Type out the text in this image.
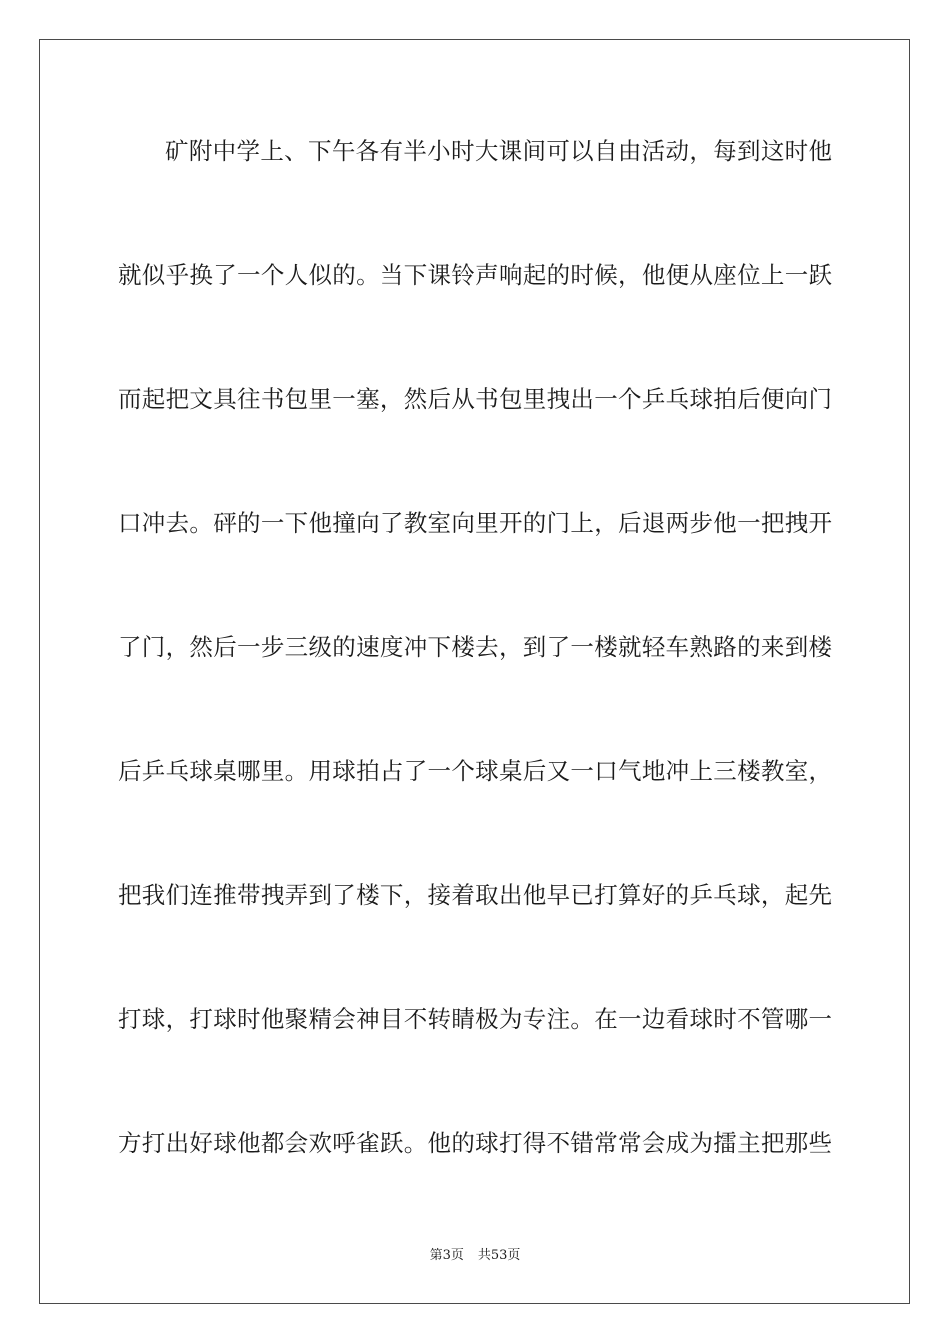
矿附中学上、下午各有半小时大课间可以自由活动，每到这时他
就似乎换了一个人似的。当下课铃声响起的时候，他便从座位上一跃
而起把文具往书包里一塞，然后从书包里拽出一个乒乓球拍后便向门
口冲去。砰的一下他撞向了教室向里开的门上，后退两步他一把拽开
了门，然后一步三级的速度冲下楼去，到了一楼就轻车熟路的来到楼
后乒乓球桌哪里。用球拍占了一个球桌后又一口气地冲上三楼教室，
把我们连推带拽弄到了楼下，接着取出他早已打算好的乒乓球，起先
打球，打球时他聚精会神目不转睛极为专注。在一边看球时不管哪一
方打出好球他都会欢呼雀跃。他的球打得不错常常会成为擂主把那些
第3页 共53页
